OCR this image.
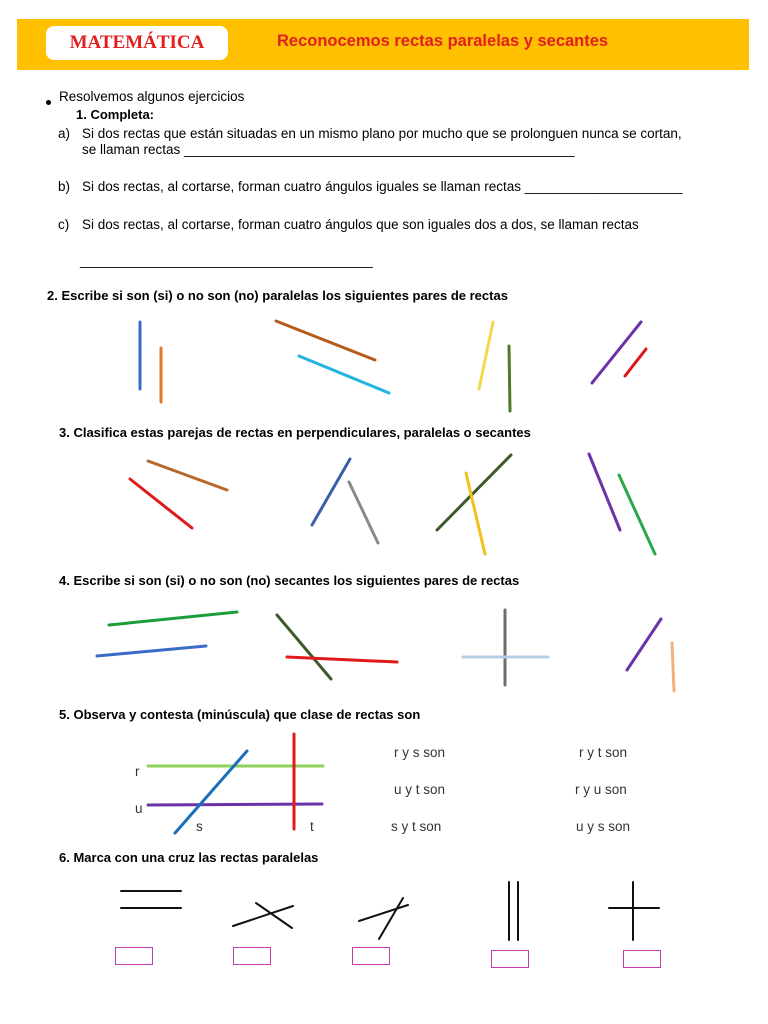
MATEMÁTICA	Reconocemos rectas paralelas y secantes
Resolvemos algunos ejercicios
1. Completa:
a) Si dos rectas que están situadas en un mismo plano por mucho que se prolonguen nunca se cortan,
se llaman rectas ____________________________________________________
b) Si dos rectas, al cortarse, forman cuatro ángulos iguales se llaman rectas _____________________
c) Si dos rectas, al cortarse, forman cuatro ángulos que son iguales dos a dos, se llaman rectas
_______________________________________
2. Escribe si son (si) o no son (no) paralelas los siguientes pares de rectas
3. Clasifica estas parejas de rectas en perpendiculares, paralelas o secantes
4. Escribe si son (si) o no son (no) secantes los siguientes pares de rectas
5. Observa y contesta (minúscula) que clase de rectas son
6. Marca con una cruz las rectas paralelas
r
u
s	t
r y s son
u y t son
s y t son
r y t son
r y u son
u y s son
